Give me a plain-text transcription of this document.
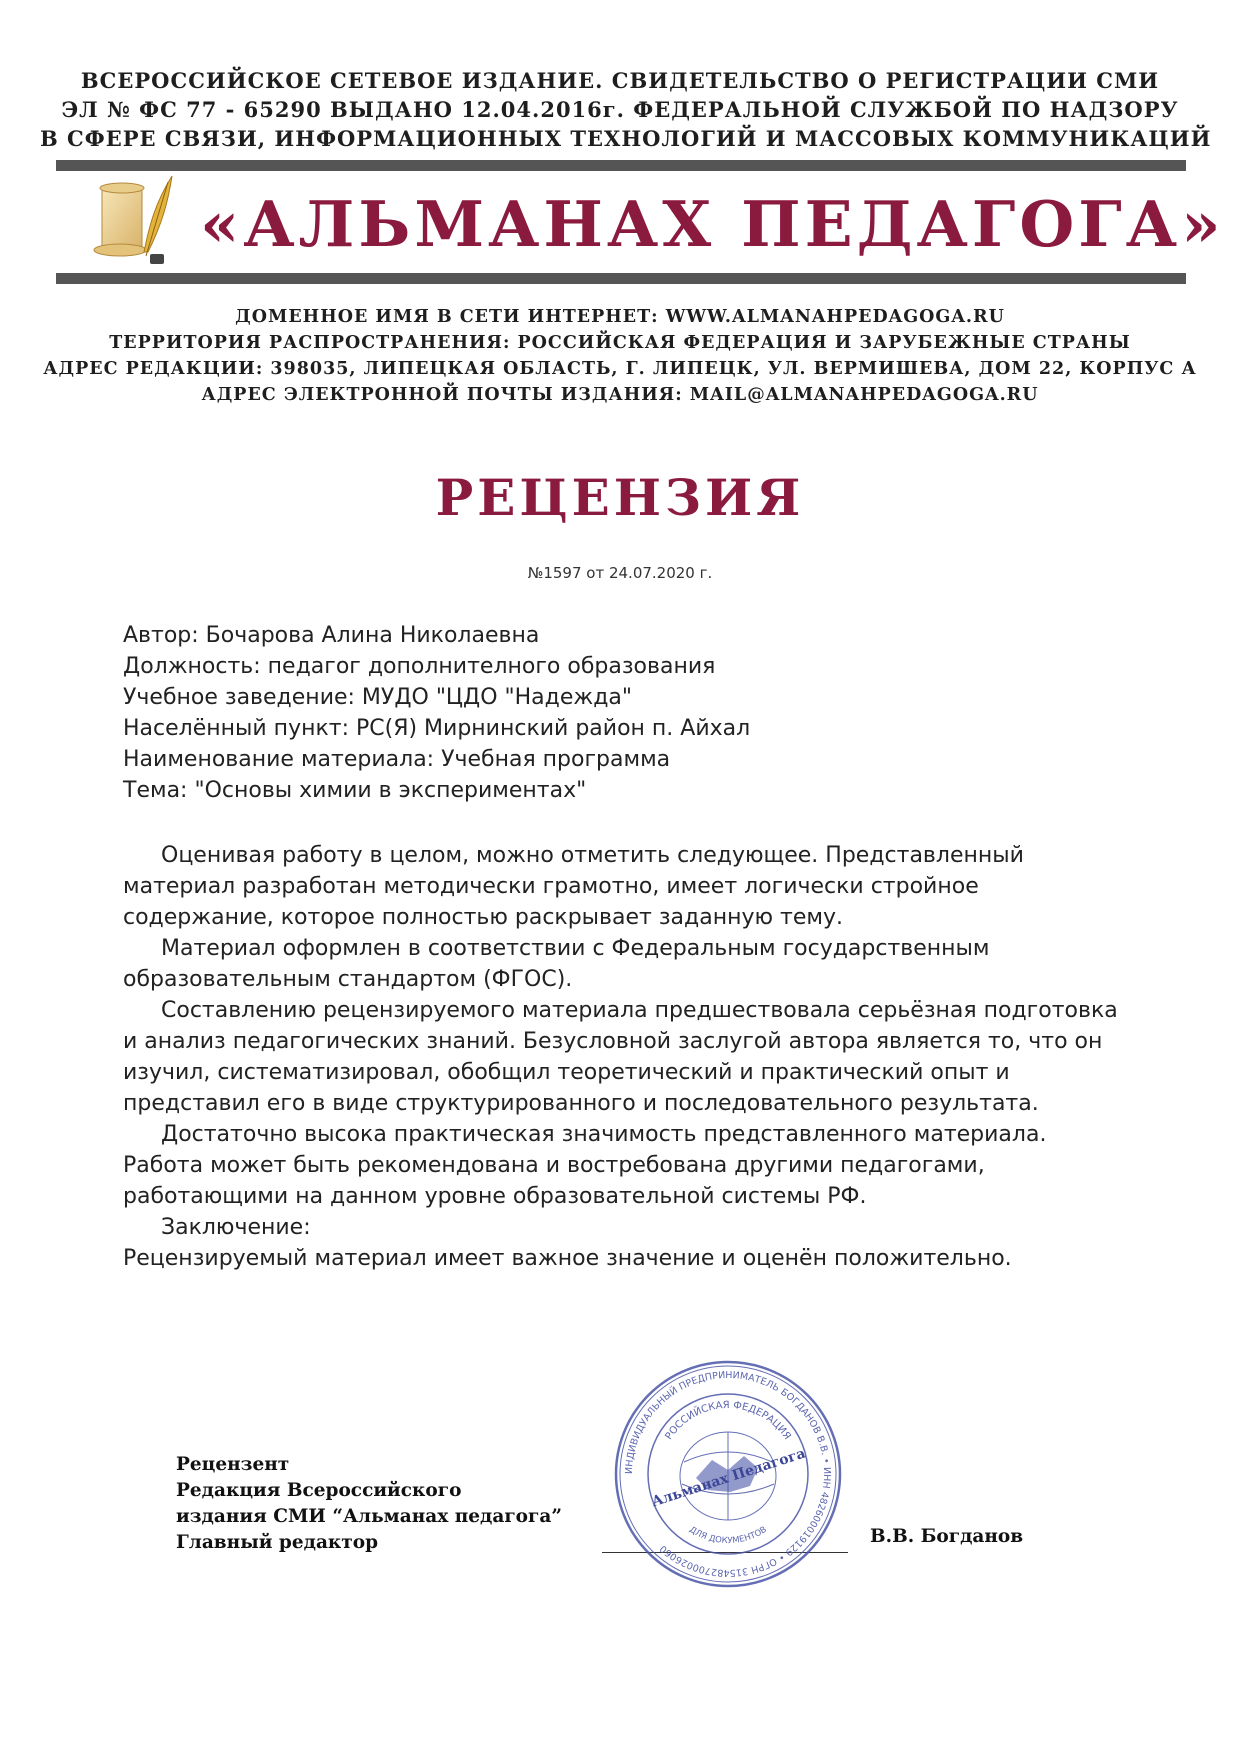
ВСЕРОССИЙСКОЕ СЕТЕВОЕ ИЗДАНИЕ. СВИДЕТЕЛЬСТВО О РЕГИСТРАЦИИ СМИ
ЭЛ № ФС 77 - 65290 ВЫДАНО 12.04.2016г. ФЕДЕРАЛЬНОЙ СЛУЖБОЙ ПО НАДЗОРУ
В СФЕРЕ СВЯЗИ, ИНФОРМАЦИОННЫХ ТЕХНОЛОГИЙ И МАССОВЫХ КОММУНИКАЦИЙ
«АЛЬМАНАХ ПЕДАГОГА»
ДОМЕННОЕ ИМЯ В СЕТИ ИНТЕРНЕТ: WWW.ALMANAHPEDAGOGA.RU
ТЕРРИТОРИЯ РАСПРОСТРАНЕНИЯ: РОССИЙСКАЯ ФЕДЕРАЦИЯ И ЗАРУБЕЖНЫЕ СТРАНЫ
АДРЕС РЕДАКЦИИ: 398035, ЛИПЕЦКАЯ ОБЛАСТЬ, Г. ЛИПЕЦК, УЛ. ВЕРМИШЕВА, ДОМ 22, КОРПУС А
АДРЕС ЭЛЕКТРОННОЙ ПОЧТЫ ИЗДАНИЯ: MAIL@ALMANAHPEDAGOGA.RU
РЕЦЕНЗИЯ
№1597 от 24.07.2020 г.
Автор: Бочарова Алина Николаевна
Должность: педагог дополнителного образования
Учебное заведение: МУДО "ЦДО "Надежда"
Населённый пункт: РС(Я) Мирнинский район п. Айхал
Наименование материала: Учебная программа
Тема: "Основы химии в экспериментах"

Оценивая работу в целом, можно отметить следующее. Представленный материал разработан методически грамотно, имеет логически стройное содержание, которое полностью раскрывает заданную тему.

Материал оформлен в соответствии с Федеральным государственным образовательным стандартом (ФГОС).

Составлению рецензируемого материала предшествовала серьёзная подготовка и анализ педагогических знаний. Безусловной заслугой автора является то, что он изучил, систематизировал, обобщил теоретический и практический опыт и представил его в виде структурированного и последовательного результата.

Достаточно высока практическая значимость представленного материала. Работа может быть рекомендована и востребована другими педагогами, работающими на данном уровне образовательной системы РФ.

Заключение:

Рецензируемый материал имеет важное значение и оценён положительно.

Рецензент
Редакция Всероссийского
издания СМИ “Альманах педагога”
Главный редактор
ИНДИВИДУАЛЬНЫЙ ПРЕДПРИНИМАТЕЛЬ БОГДАНОВ В.В. • ИНН 482600019129 • ОГРН 315482700026060
РОССИЙСКАЯ ФЕДЕРАЦИЯ
Альманах Педагога
ДЛЯ ДОКУМЕНТОВ	В.В. Богданов
